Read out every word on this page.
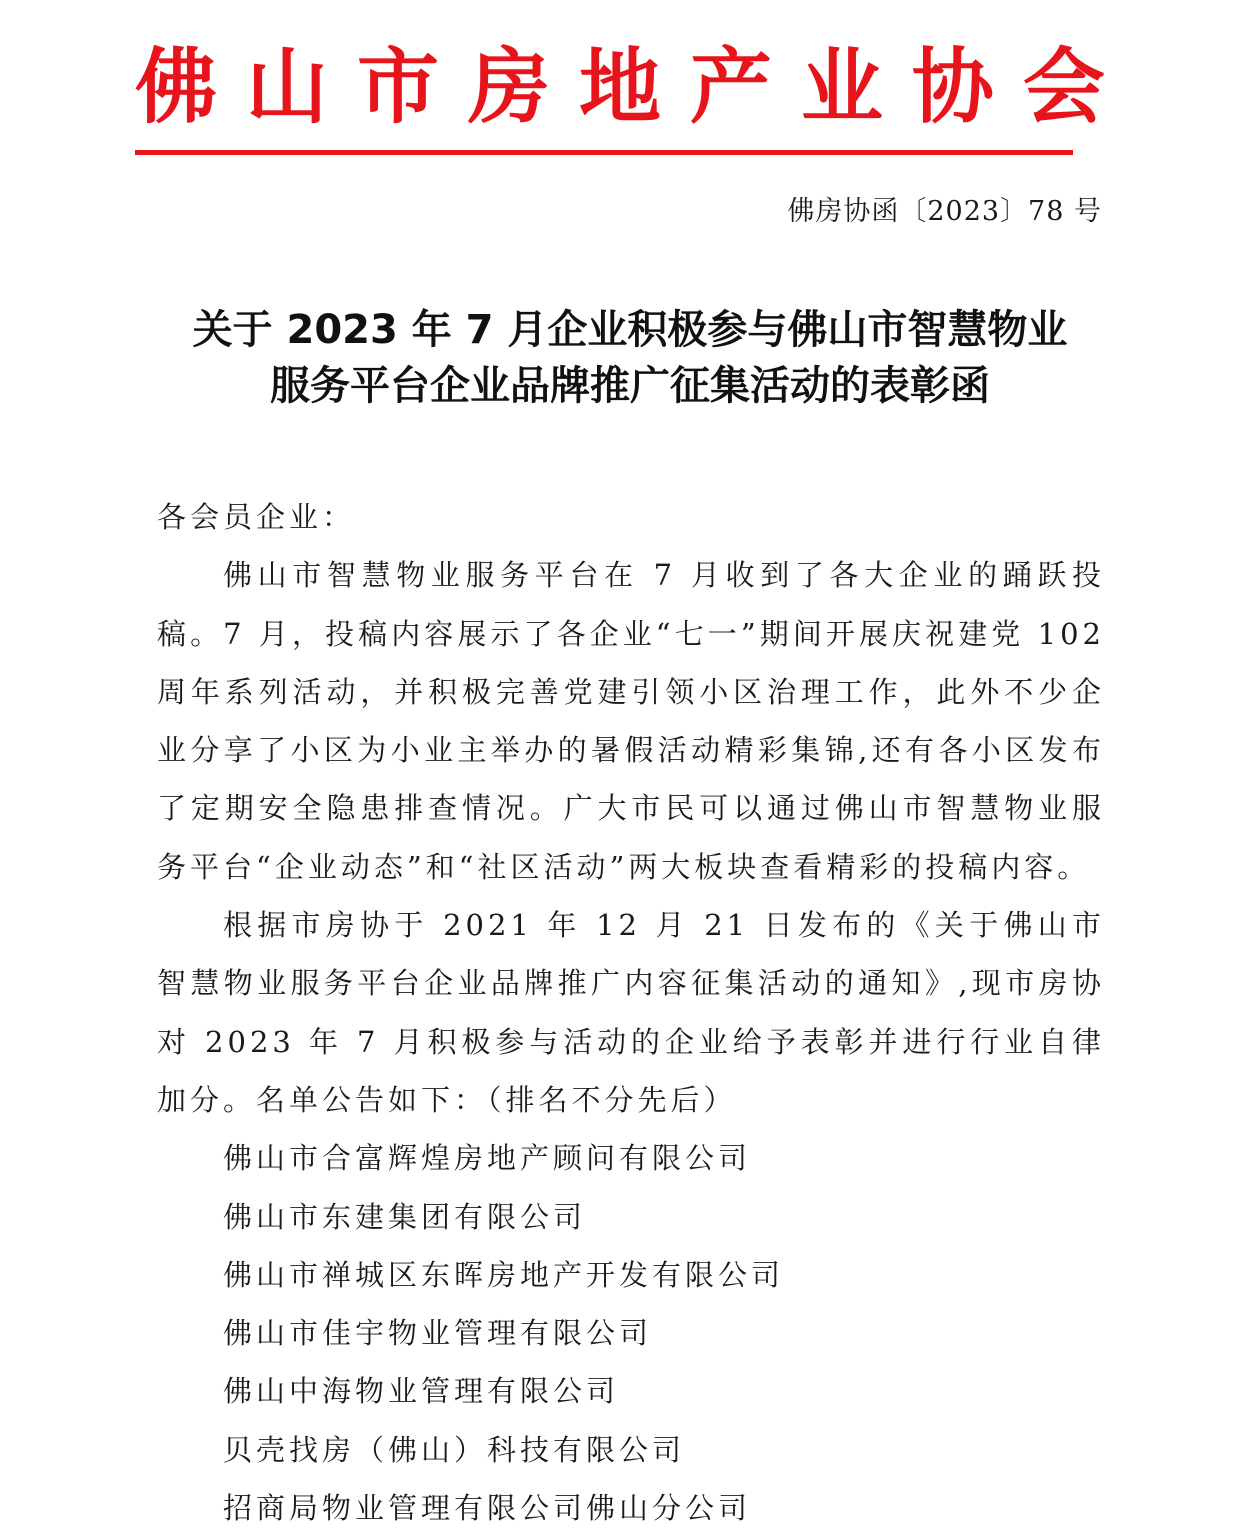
佛 山 市 房 地 产 业 协 会
佛房协函〔2023〕78 号
关于 2023 年 7 月企业积极参与佛山市智慧物业
服务平台企业品牌推广征集活动的表彰函

各会员企业：

佛山市智慧物业服务平台在 7 月收到了各大企业的踊跃投稿。7 月，投稿内容展示了各企业“七一”期间开展庆祝建党 102 周年系列活动，并积极完善党建引领小区治理工作，此外不少企业分享了小区为小业主举办的暑假活动精彩集锦,还有各小区发布了定期安全隐患排查情况。广大市民可以通过佛山市智慧物业服务平台“企业动态”和“社区活动”两大板块查看精彩的投稿内容。

根据市房协于 2021 年 12 月 21 日发布的《关于佛山市智慧物业服务平台企业品牌推广内容征集活动的通知》,现市房协对 2023 年 7 月积极参与活动的企业给予表彰并进行行业自律加分。名单公告如下：（排名不分先后）

佛山市合富辉煌房地产顾问有限公司
佛山市东建集团有限公司
佛山市禅城区东晖房地产开发有限公司
佛山市佳宇物业管理有限公司
佛山中海物业管理有限公司
贝壳找房（佛山）科技有限公司
招商局物业管理有限公司佛山分公司
